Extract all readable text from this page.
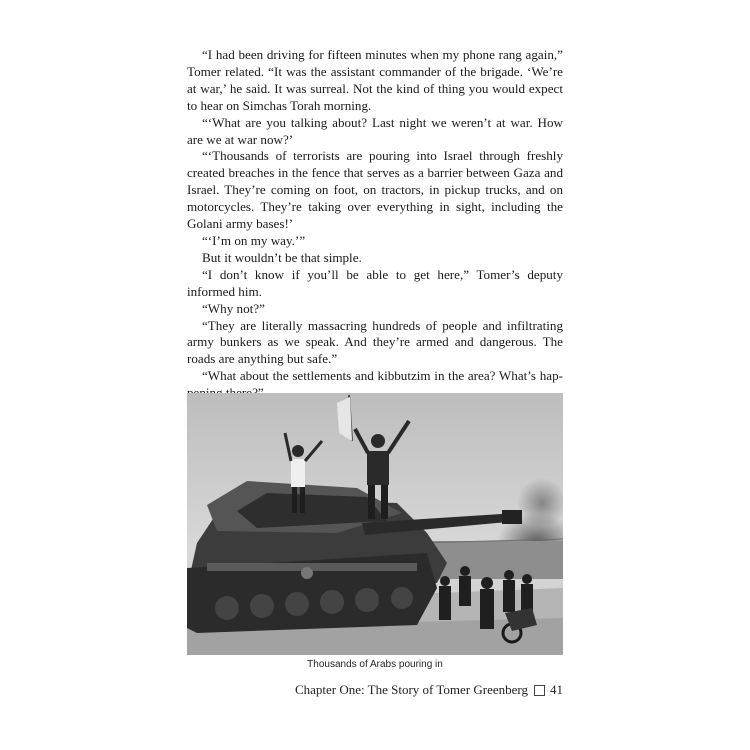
“I had been driving for fifteen minutes when my phone rang again,” Tomer related. “It was the assistant commander of the brigade. ‘We’re at war,’ he said. It was surreal. Not the kind of thing you would expect to hear on Simchas Torah morning.

“‘What are you talking about? Last night we weren’t at war. How are we at war now?’

“‘Thousands of terrorists are pouring into Israel through freshly created breaches in the fence that serves as a barrier between Gaza and Israel. They’re coming on foot, on tractors, in pickup trucks, and on motorcycles. They’re taking over everything in sight, including the Golani army bases!’

“‘I’m on my way.’”

But it wouldn’t be that simple.

“I don’t know if you’ll be able to get here,” Tomer’s deputy informed him.

“Why not?”

“They are literally massacring hundreds of people and infiltrating army bunkers as we speak. And they’re armed and dangerous. The roads are anything but safe.”

“What about the settlements and kibbutzim in the area? What’s hap

Thousands of Arabs pouring in
Chapter One: The Story of Tomer Greenberg 41
